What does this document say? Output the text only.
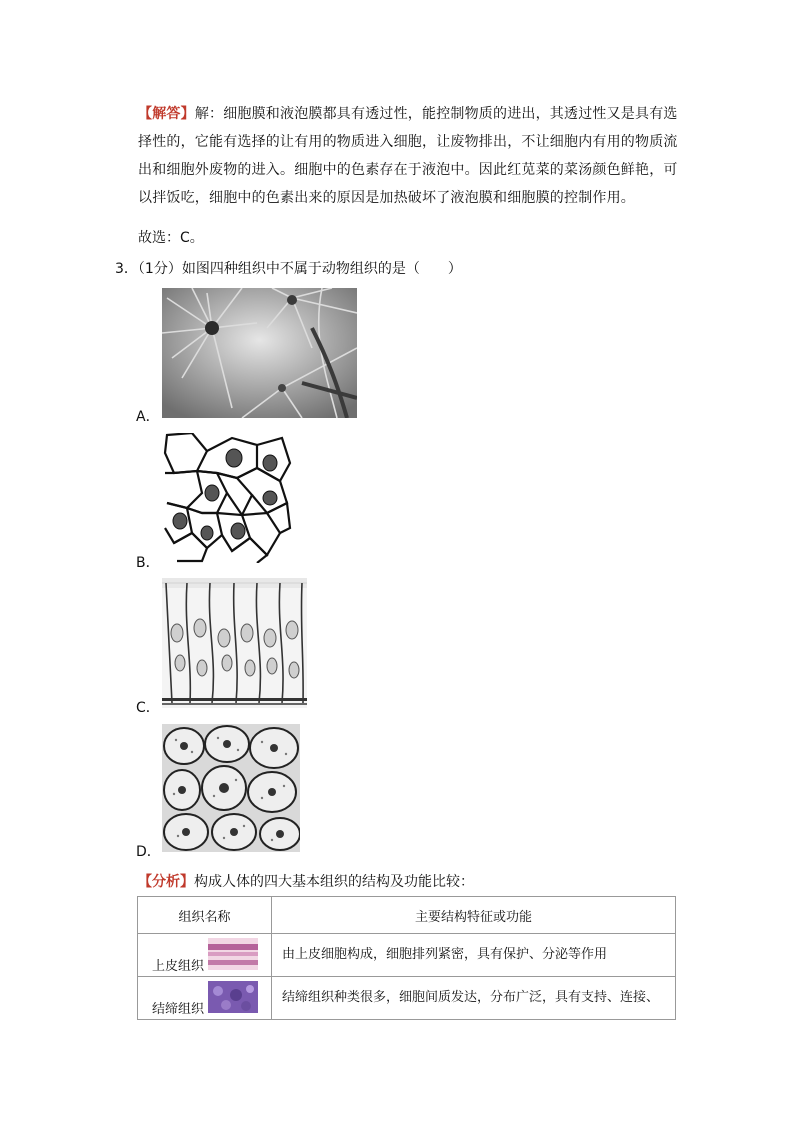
【解答】解：细胞膜和液泡膜都具有透过性，能控制物质的进出，其透过性又是具有选择性的，它能有选择的让有用的物质进入细胞，让废物排出，不让细胞内有用的物质流出和细胞外废物的进入。细胞中的色素存在于液泡中。因此红苋菜的菜汤颜色鲜艳，可以拌饭吃，细胞中的色素出来的原因是加热破坏了液泡膜和细胞膜的控制作用。
故选：C。
3．（1分）如图四种组织中不属于动物组织的是（　　）
A．
B．
C．
D．
【分析】构成人体的四大基本组织的结构及功能比较：
组织名称	主要结构特征或功能

上皮组织	由上皮细胞构成，细胞排列紧密，具有保护、分泌等作用

结缔组织	结缔组织种类很多，细胞间质发达，分布广泛，具有支持、连接、
